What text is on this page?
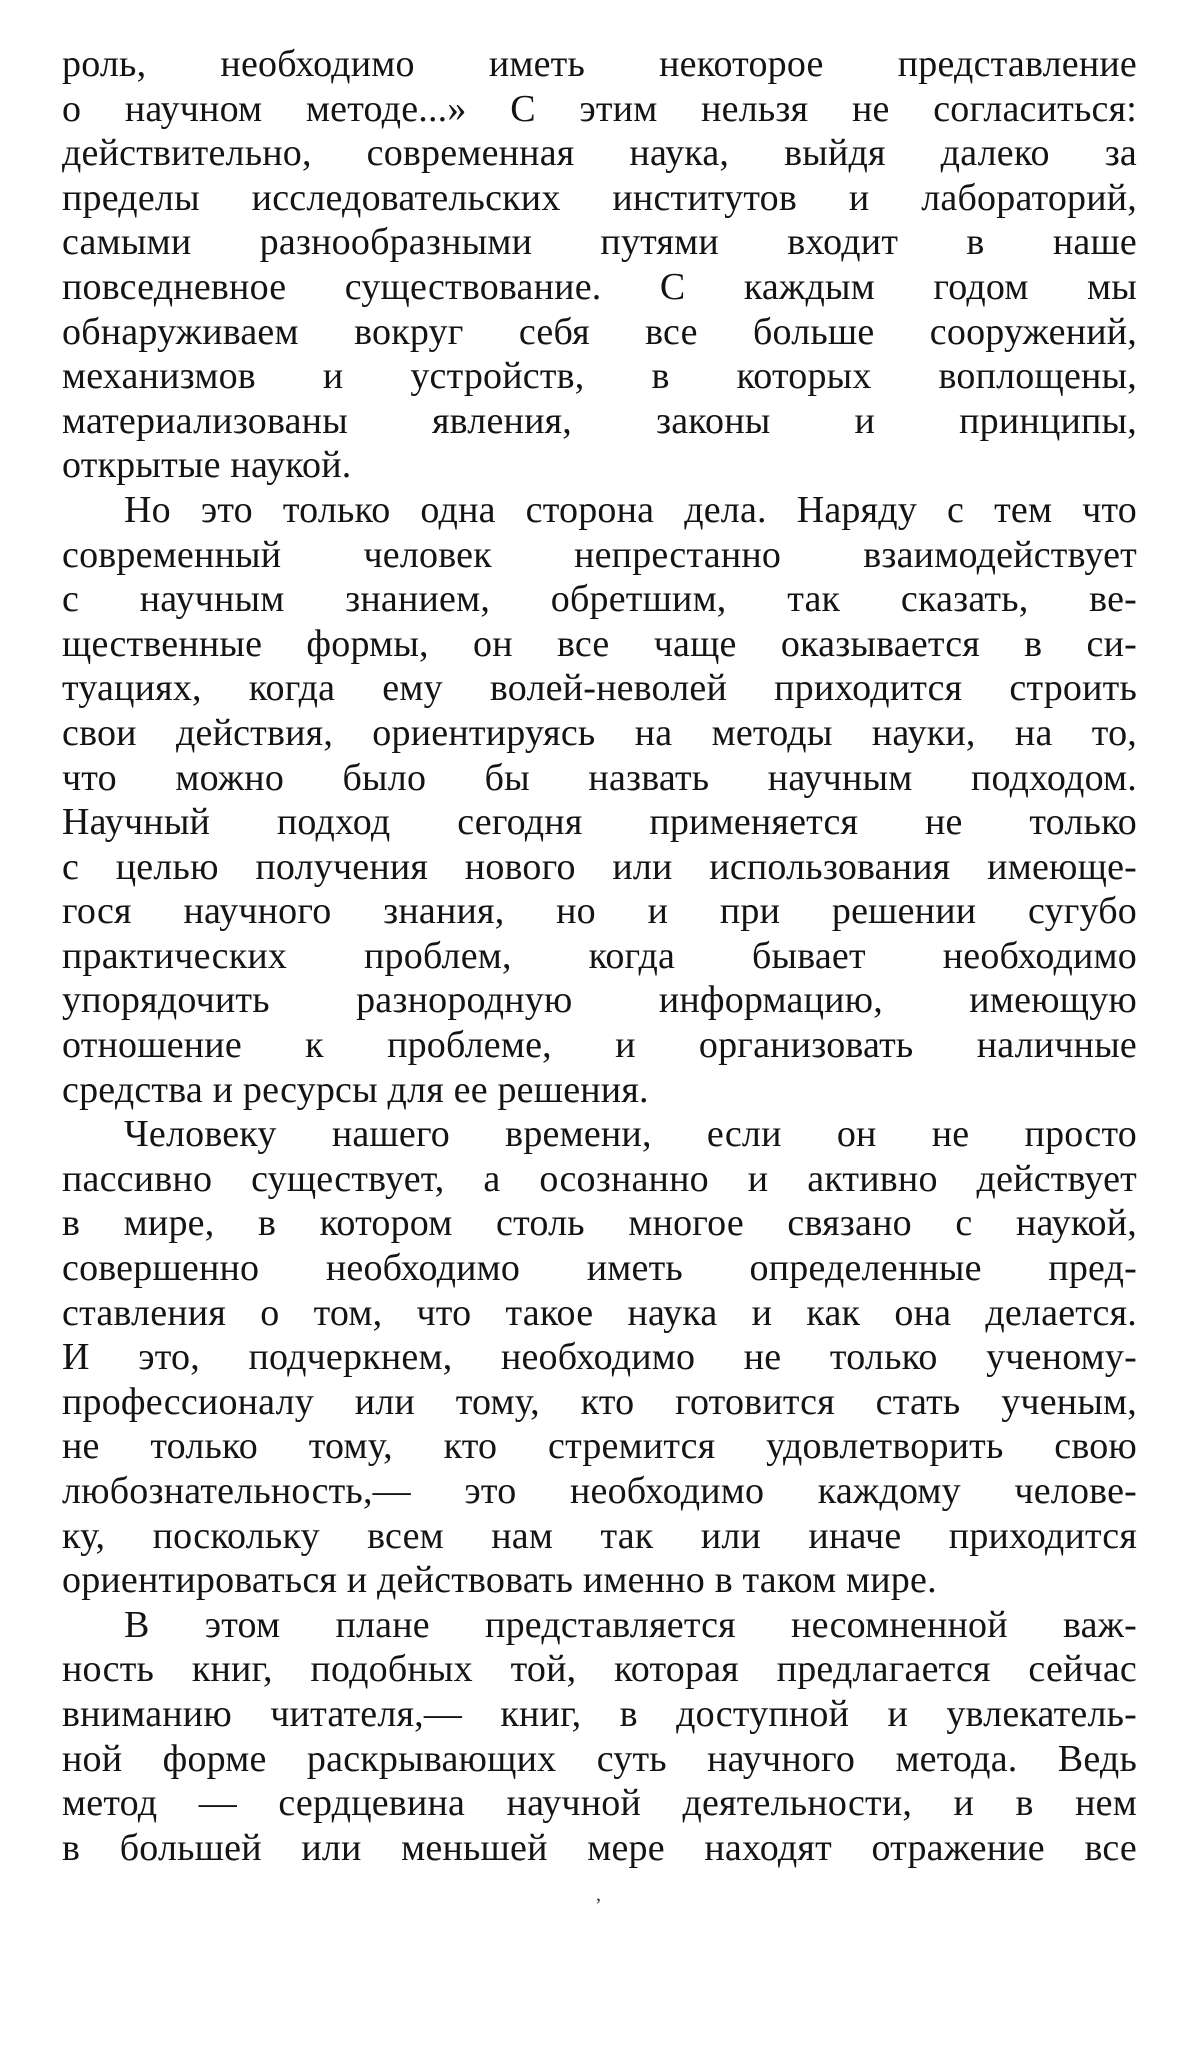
роль, необходимо иметь некоторое представление
о научном методе...» С этим нельзя не согласиться:
действительно, современная наука, выйдя далеко за
пределы исследовательских институтов и лабораторий,
самыми разнообразными путями входит в наше
повседневное существование. С каждым годом мы
обнаруживаем вокруг себя все больше сооружений,
механизмов и устройств, в которых воплощены,
материализованы явления, законы и принципы,
открытые наукой.
Но это только одна сторона дела. Наряду с тем что
современный человек непрестанно взаимодействует
с научным знанием, обретшим, так сказать, ве-
щественные формы, он все чаще оказывается в си-
туациях, когда ему волей-неволей приходится строить
свои действия, ориентируясь на методы науки, на то,
что можно было бы назвать научным подходом.
Научный подход сегодня применяется не только
с целью получения нового или использования имеюще-
гося научного знания, но и при решении сугубо
практических проблем, когда бывает необходимо
упорядочить разнородную информацию, имеющую
отношение к проблеме, и организовать наличные
средства и ресурсы для ее решения.
Человеку нашего времени, если он не просто
пассивно существует, а осознанно и активно действует
в мире, в котором столь многое связано с наукой,
совершенно необходимо иметь определенные пред-
ставления о том, что такое наука и как она делается.
И это, подчеркнем, необходимо не только ученому-
профессионалу или тому, кто готовится стать ученым,
не только тому, кто стремится удовлетворить свою
любознательность,— это необходимо каждому челове-
ку, поскольку всем нам так или иначе приходится
ориентироваться и действовать именно в таком мире.
В этом плане представляется несомненной важ-
ность книг, подобных той, которая предлагается сейчас
вниманию читателя,— книг, в доступной и увлекатель-
ной форме раскрывающих суть научного метода. Ведь
метод — сердцевина научной деятельности, и в нем
в большей или меньшей мере находят отражение все
ʼ
